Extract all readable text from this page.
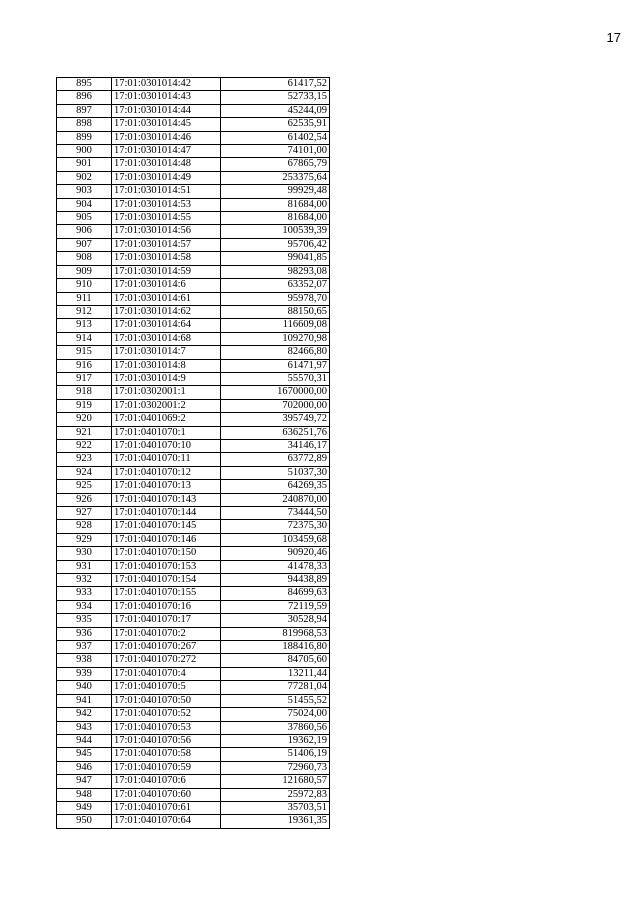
17
895	17:01:0301014:42	61417,52
896	17:01:0301014:43	52733,15
897	17:01:0301014:44	45244,09
898	17:01:0301014:45	62535,91
899	17:01:0301014:46	61402,54
900	17:01:0301014:47	74101,00
901	17:01:0301014:48	67865,79
902	17:01:0301014:49	253375,64
903	17:01:0301014:51	99929,48
904	17:01:0301014:53	81684,00
905	17:01:0301014:55	81684,00
906	17:01:0301014:56	100539,39
907	17:01:0301014:57	95706,42
908	17:01:0301014:58	99041,85
909	17:01:0301014:59	98293,08
910	17:01:0301014:6	63352,07
911	17:01:0301014:61	95978,70
912	17:01:0301014:62	88150,65
913	17:01:0301014:64	116609,08
914	17:01:0301014:68	109270,98
915	17:01:0301014:7	82466,80
916	17:01:0301014:8	61471,97
917	17:01:0301014:9	55570,31
918	17:01:0302001:1	1670000,00
919	17:01:0302001:2	702000,00
920	17:01:0401069:2	395749,72
921	17:01:0401070:1	636251,76
922	17:01:0401070:10	34146,17
923	17:01:0401070:11	63772,89
924	17:01:0401070:12	51037,30
925	17:01:0401070:13	64269,35
926	17:01:0401070:143	240870,00
927	17:01:0401070:144	73444,50
928	17:01:0401070:145	72375,30
929	17:01:0401070:146	103459,68
930	17:01:0401070:150	90920,46
931	17:01:0401070:153	41478,33
932	17:01:0401070:154	94438,89
933	17:01:0401070:155	84699,63
934	17:01:0401070:16	72119,59
935	17:01:0401070:17	30528,94
936	17:01:0401070:2	819968,53
937	17:01:0401070:267	188416,80
938	17:01:0401070:272	84705,60
939	17:01:0401070:4	13211,44
940	17:01:0401070:5	77281,04
941	17:01:0401070:50	51455,52
942	17:01:0401070:52	75024,00
943	17:01:0401070:53	37860,56
944	17:01:0401070:56	19362,19
945	17:01:0401070:58	51406,19
946	17:01:0401070:59	72960,73
947	17:01:0401070:6	121680,57
948	17:01:0401070:60	25972,83
949	17:01:0401070:61	35703,51
950	17:01:0401070:64	19361,35
